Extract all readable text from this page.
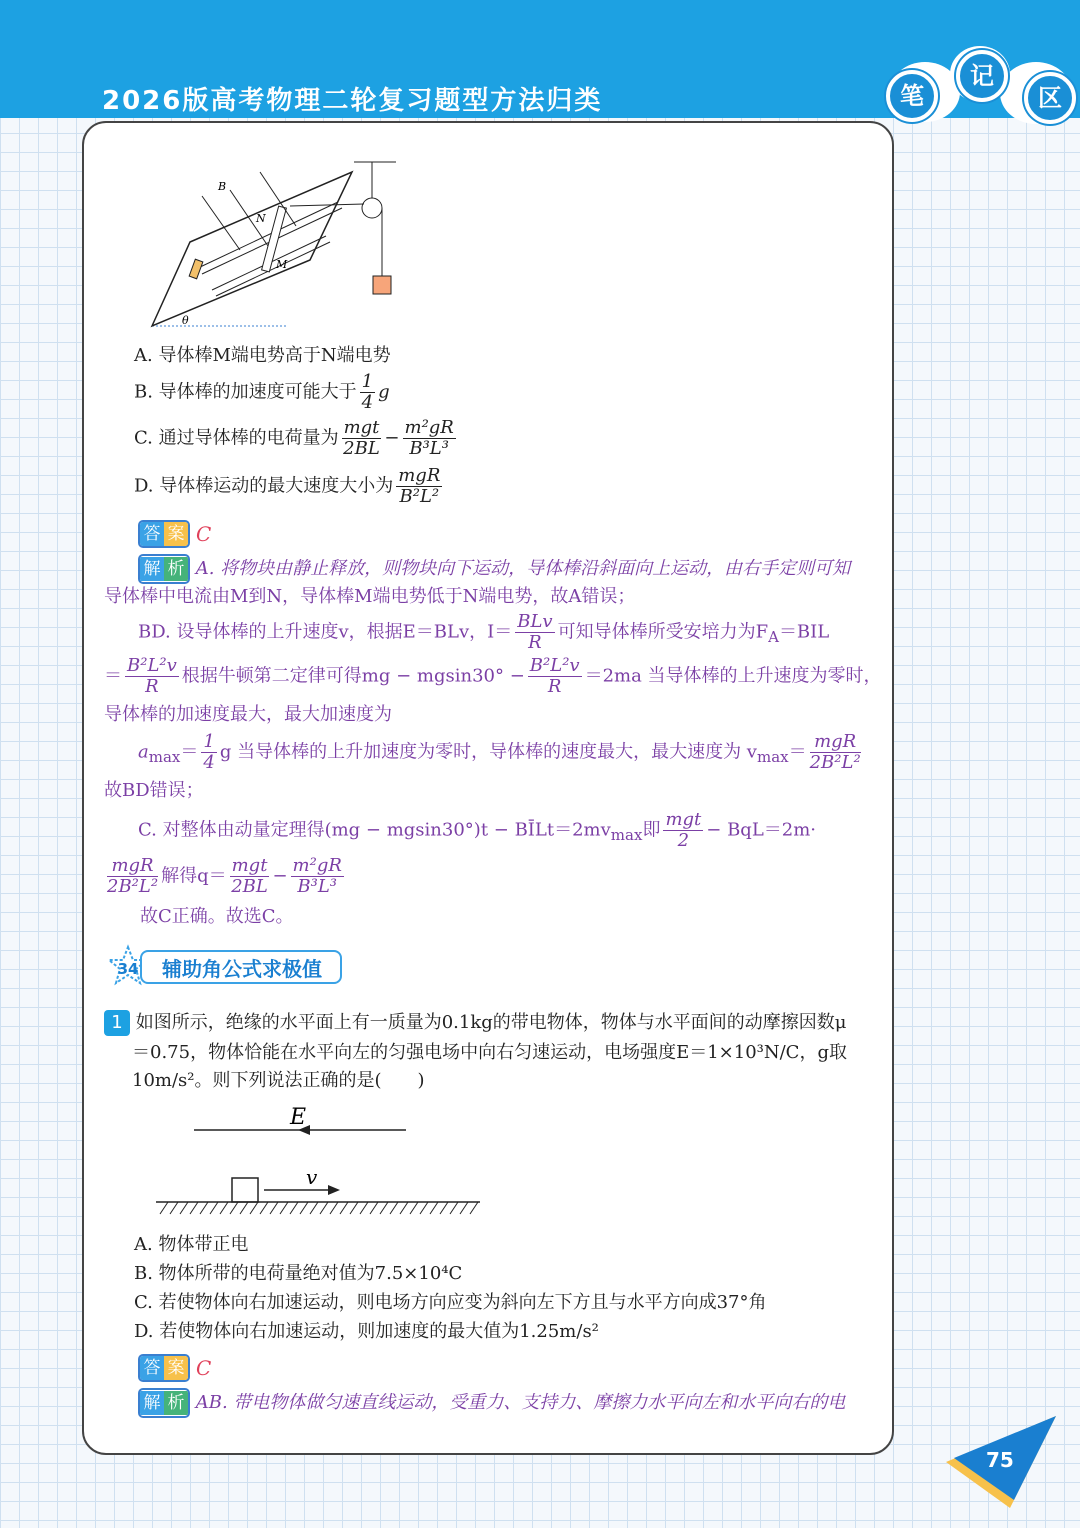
2026版高考物理二轮复习题型方法归类	笔
记
区
B
N
M
θ
A. 导体棒M端电势高于N端电势
B. 导体棒的加速度可能大于 $\frac{1}{4}$ g
C. 通过导体棒的电荷量为 $\frac{\text{mgt}}{2BL} - \frac{\text{m²gR}}{\text{B³L³}}$
D. 导体棒运动的最大速度大小为 $\frac{\text{mgR}}{\text{B²L²}}$
答 案 C
解 析 A. 将物块由静止释放，则物块向下运动，导体棒沿斜面向上运动，由右手定则可知
导体棒中电流由M到N，导体棒M端电势低于N端电势，故A错误；
BD. 设导体棒的上升速度v，根据E＝BLv，$I= \frac{\text{BLv}}{R}$ 可知导体棒所受安培力为$F_A=BIL$
＝ $\frac{\text{B²L²v}}{R}$ 根据牛顿第二定律可得mg − $mgsin30^\circ - \frac{\text{B²L²v}}{R} =2ma$ 当导体棒的上升速度为零时，
导体棒的加速度最大，最大加速度为
$a_{max}= \frac{1}{4}$ g 当导体棒的上升加速度为零时，导体棒的速度最大，最大速度为 $v_{max}= \frac{\text{mgR}}{\text{2B²L²}}$
故BD错误；
C. 对整体由动量定理得$(mg - mgsin30^\circ)t - BĪLt=2mv_{max}$即 $\frac{\text{mgt}}{2} - BqL=2m\cdot$
$\frac{\text{mgR}}{\text{2B²L²}}$ 解得$q= \frac{\text{mgt}}{2BL} - \frac{\text{m²gR}}{\text{B³L³}}$
故C正确。故选C。
34	辅助角公式求极值
1 如图所示，绝缘的水平面上有一质量为0.1kg的带电物体，物体与水平面间的动摩擦因数μ
＝0.75，物体恰能在水平向左的匀强电场中向右匀速运动，电场强度E＝1×10³N/C，g取
10m/s²。则下列说法正确的是(　　)
E
v
A. 物体带正电
B. 物体所带的电荷量绝对值为7.5×10⁴C
C. 若使物体向右加速运动，则电场方向应变为斜向左下方且与水平方向成37°角
D. 若使物体向右加速运动，则加速度的最大值为1.25m/s²
答 案 C
解 析 AB. 带电物体做匀速直线运动，受重力、支持力、摩擦力水平向左和水平向右的电
75
